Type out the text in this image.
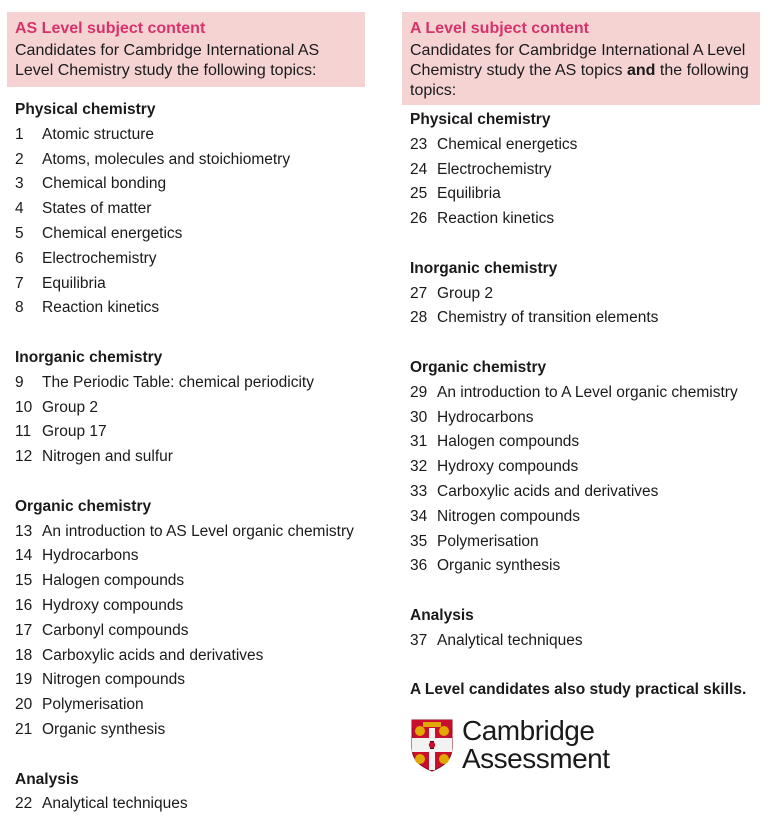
AS Level subject content
Candidates for Cambridge International AS Level Chemistry study the following topics:
Physical chemistry
1	Atomic structure
2	Atoms, molecules and stoichiometry
3	Chemical bonding
4	States of matter
5	Chemical energetics
6	Electrochemistry
7	Equilibria
8	Reaction kinetics
Inorganic chemistry
9	The Periodic Table: chemical periodicity
10 Group 2
11 Group 17
12 Nitrogen and sulfur
Organic chemistry
13 An introduction to AS Level organic chemistry
14 Hydrocarbons
15 Halogen compounds
16 Hydroxy compounds
17 Carbonyl compounds
18 Carboxylic acids and derivatives
19 Nitrogen compounds
20 Polymerisation
21 Organic synthesis
Analysis
22 Analytical techniques
A Level subject content
Candidates for Cambridge International A Level Chemistry study the AS topics and the following topics:
Physical chemistry
23 Chemical energetics
24 Electrochemistry
25 Equilibria
26 Reaction kinetics
Inorganic chemistry
27 Group 2
28 Chemistry of transition elements
Organic chemistry
29 An introduction to A Level organic chemistry
30 Hydrocarbons
31 Halogen compounds
32 Hydroxy compounds
33 Carboxylic acids and derivatives
34 Nitrogen compounds
35 Polymerisation
36 Organic synthesis
Analysis
37 Analytical techniques
A Level candidates also study practical skills.
Cambridge
Assessment
